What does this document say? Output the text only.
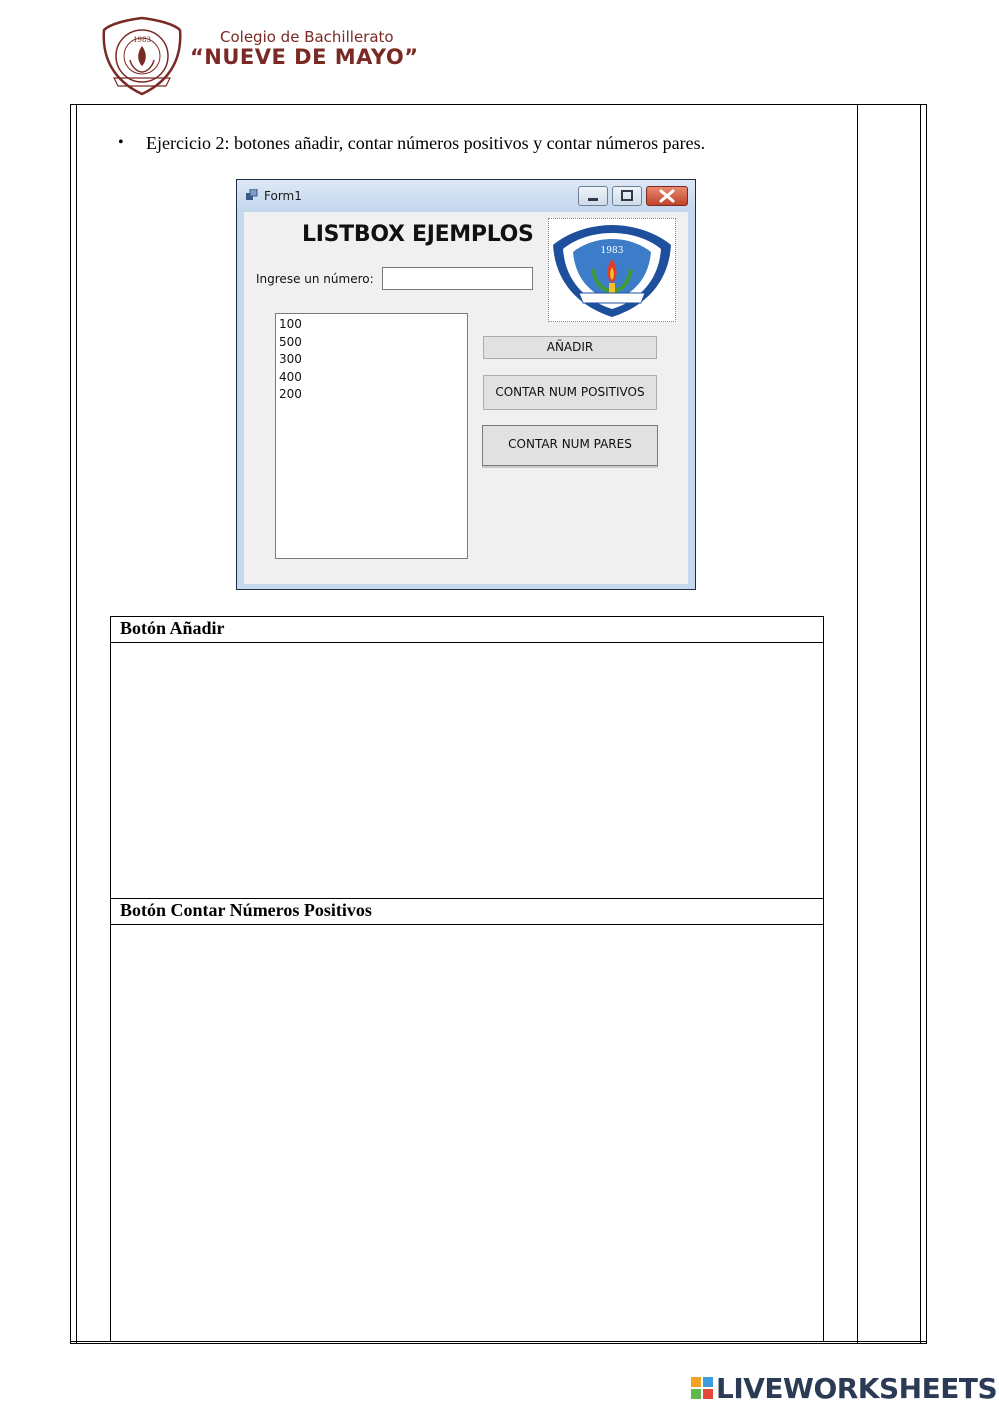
1983	Colegio de Bachillerato
“NUEVE DE MAYO”
• Ejercicio 2: botones añadir, contar números positivos y contar números pares.
Form1
LISTBOX EJEMPLOS
Ingrese un número:
1983
100
500
300
400
200
AÑADIR
CONTAR NUM POSITIVOS
CONTAR NUM PARES
Botón Añadir
Botón Contar Números Positivos
LIVEWORKSHEETS
